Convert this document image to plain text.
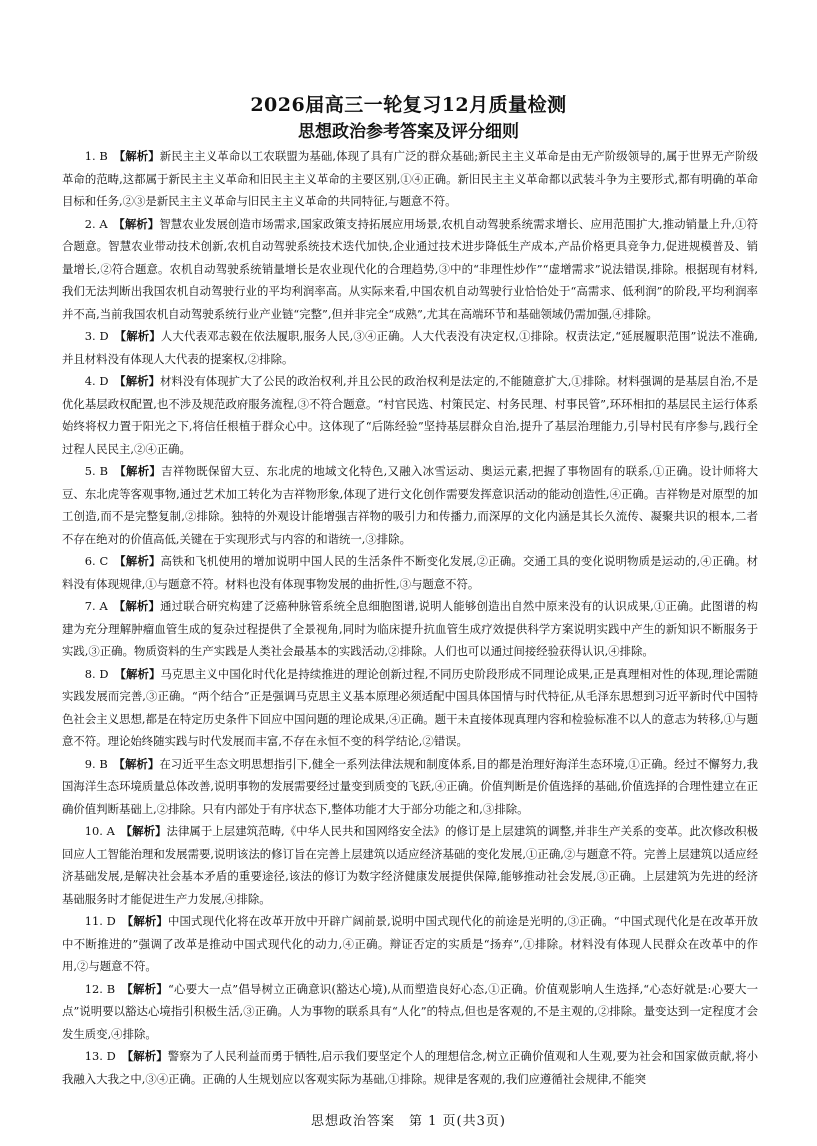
2026届高三一轮复习12月质量检测
思想政治参考答案及评分细则

1. B　 【解析】新民主主义革命以工农联盟为基础,体现了具有广泛的群众基础;新民主主义革命是由无产阶级领导的,属于世界无产阶级革命的范畴,这都属于新民主主义革命和旧民主主义革命的主要区别,①④正确。新旧民主主义革命都以武装斗争为主要形式,都有明确的革命目标和任务,②③是新民主主义革命与旧民主主义革命的共同特征,与题意不符。

2. A　 【解析】智慧农业发展创造市场需求,国家政策支持拓展应用场景,农机自动驾驶系统需求增长、应用范围扩大,推动销量上升,①符合题意。智慧农业带动技术创新,农机自动驾驶系统技术迭代加快,企业通过技术进步降低生产成本,产品价格更具竞争力,促进规模普及、销量增长,②符合题意。农机自动驾驶系统销量增长是农业现代化的合理趋势,③中的“非理性炒作”“虚增需求”说法错误,排除。根据现有材料,我们无法判断出我国农机自动驾驶行业的平均利润率高。从实际来看,中国农机自动驾驶行业恰恰处于“高需求、低利润”的阶段,平均利润率并不高,当前我国农机自动驾驶系统行业产业链“完整”,但并非完全“成熟”,尤其在高端环节和基础领域仍需加强,④排除。

3. D　 【解析】人大代表邓志毅在依法履职,服务人民,③④正确。人大代表没有决定权,①排除。权责法定,“延展履职范围”说法不准确,并且材料没有体现人大代表的提案权,②排除。

4. D　 【解析】材料没有体现扩大了公民的政治权利,并且公民的政治权利是法定的,不能随意扩大,①排除。材料强调的是基层自治,不是优化基层政权配置,也不涉及规范政府服务流程,③不符合题意。“村官民选、村策民定、村务民理、村事民管”,环环相扣的基层民主运行体系始终将权力置于阳光之下,将信任根植于群众心中。这体现了“后陈经验”坚持基层群众自治,提升了基层治理能力,引导村民有序参与,践行全过程人民民主,②④正确。

5. B　 【解析】吉祥物既保留大豆、东北虎的地域文化特色,又融入冰雪运动、奥运元素,把握了事物固有的联系,①正确。设计师将大豆、东北虎等客观事物,通过艺术加工转化为吉祥物形象,体现了进行文化创作需要发挥意识活动的能动创造性,④正确。吉祥物是对原型的加工创造,而不是完整复制,②排除。独特的外观设计能增强吉祥物的吸引力和传播力,而深厚的文化内涵是其长久流传、凝聚共识的根本,二者不存在绝对的价值高低,关键在于实现形式与内容的和谐统一,③排除。

6. C　 【解析】高铁和飞机使用的增加说明中国人民的生活条件不断变化发展,②正确。交通工具的变化说明物质是运动的,④正确。材料没有体现规律,①与题意不符。材料也没有体现事物发展的曲折性,③与题意不符。

7. A　 【解析】通过联合研究构建了泛癌种脉管系统全息细胞图谱,说明人能够创造出自然中原来没有的认识成果,①正确。此图谱的构建为充分理解肿瘤血管生成的复杂过程提供了全景视角,同时为临床提升抗血管生成疗效提供科学方案说明实践中产生的新知识不断服务于实践,③正确。物质资料的生产实践是人类社会最基本的实践活动,②排除。人们也可以通过间接经验获得认识,④排除。

8. D　 【解析】马克思主义中国化时代化是持续推进的理论创新过程,不同历史阶段形成不同理论成果,正是真理相对性的体现,理论需随实践发展而完善,③正确。“两个结合”正是强调马克思主义基本原理必须适配中国具体国情与时代特征,从毛泽东思想到习近平新时代中国特色社会主义思想,都是在特定历史条件下回应中国问题的理论成果,④正确。题干未直接体现真理内容和检验标准不以人的意志为转移,①与题意不符。理论始终随实践与时代发展而丰富,不存在永恒不变的科学结论,②错误。

9. B　 【解析】在习近平生态文明思想指引下,健全一系列法律法规和制度体系,目的都是治理好海洋生态环境,①正确。经过不懈努力,我国海洋生态环境质量总体改善,说明事物的发展需要经过量变到质变的飞跃,④正确。价值判断是价值选择的基础,价值选择的合理性建立在正确价值判断基础上,②排除。只有内部处于有序状态下,整体功能才大于部分功能之和,③排除。

10. A　 【解析】法律属于上层建筑范畴,《中华人民共和国网络安全法》的修订是上层建筑的调整,并非生产关系的变革。此次修改积极回应人工智能治理和发展需要,说明该法的修订旨在完善上层建筑以适应经济基础的变化发展,①正确,②与题意不符。完善上层建筑以适应经济基础发展,是解决社会基本矛盾的重要途径,该法的修订为数字经济健康发展提供保障,能够推动社会发展,③正确。上层建筑为先进的经济基础服务时才能促进生产力发展,④排除。

11. D　 【解析】中国式现代化将在改革开放中开辟广阔前景,说明中国式现代化的前途是光明的,③正确。“中国式现代化是在改革开放中不断推进的”强调了改革是推动中国式现代化的动力,④正确。辩证否定的实质是“扬弃”,①排除。材料没有体现人民群众在改革中的作用,②与题意不符。

12. B　 【解析】“心要大一点”倡导树立正确意识(豁达心境),从而塑造良好心态,①正确。价值观影响人生选择,“心态好就是:心要大一点”说明要以豁达心境指引积极生活,③正确。人为事物的联系具有“人化”的特点,但也是客观的,不是主观的,②排除。量变达到一定程度才会发生质变,④排除。

13. D　 【解析】警察为了人民利益而勇于牺牲,启示我们要坚定个人的理想信念,树立正确价值观和人生观,要为社会和国家做贡献,将小我融入大我之中,③④正确。正确的人生规划应以客观实际为基础,①排除。规律是客观的,我们应遵循社会规律,不能突

思想政治答案　第 1 页(共3页)
